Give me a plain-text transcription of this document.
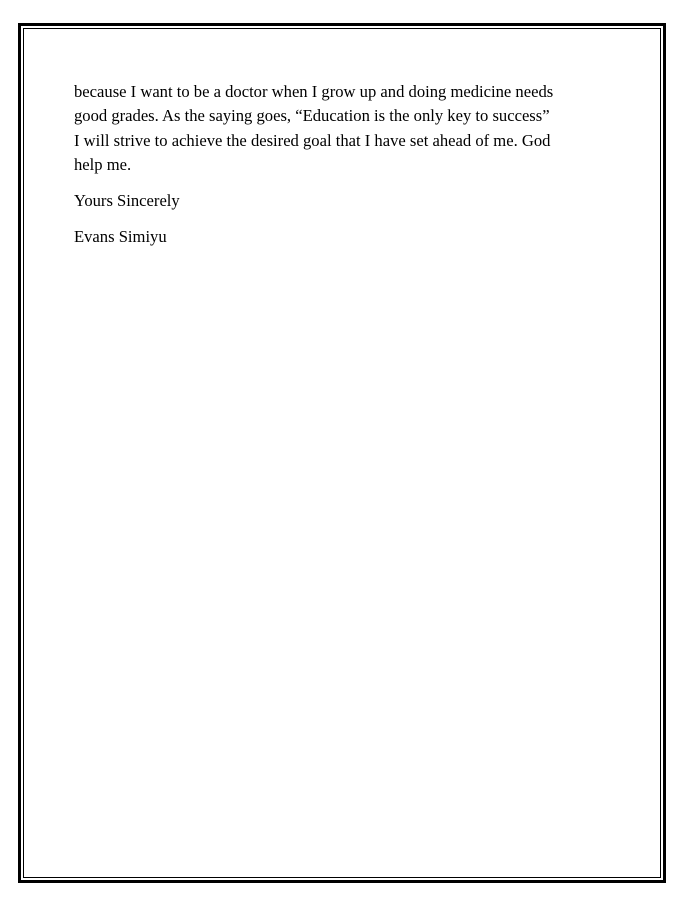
because I want to be a doctor when I grow up and doing medicine needs
good grades. As the saying goes, “Education is the only key to success”
I will strive to achieve the desired goal that I have set ahead of me. God
help me.

Yours Sincerely

Evans Simiyu
